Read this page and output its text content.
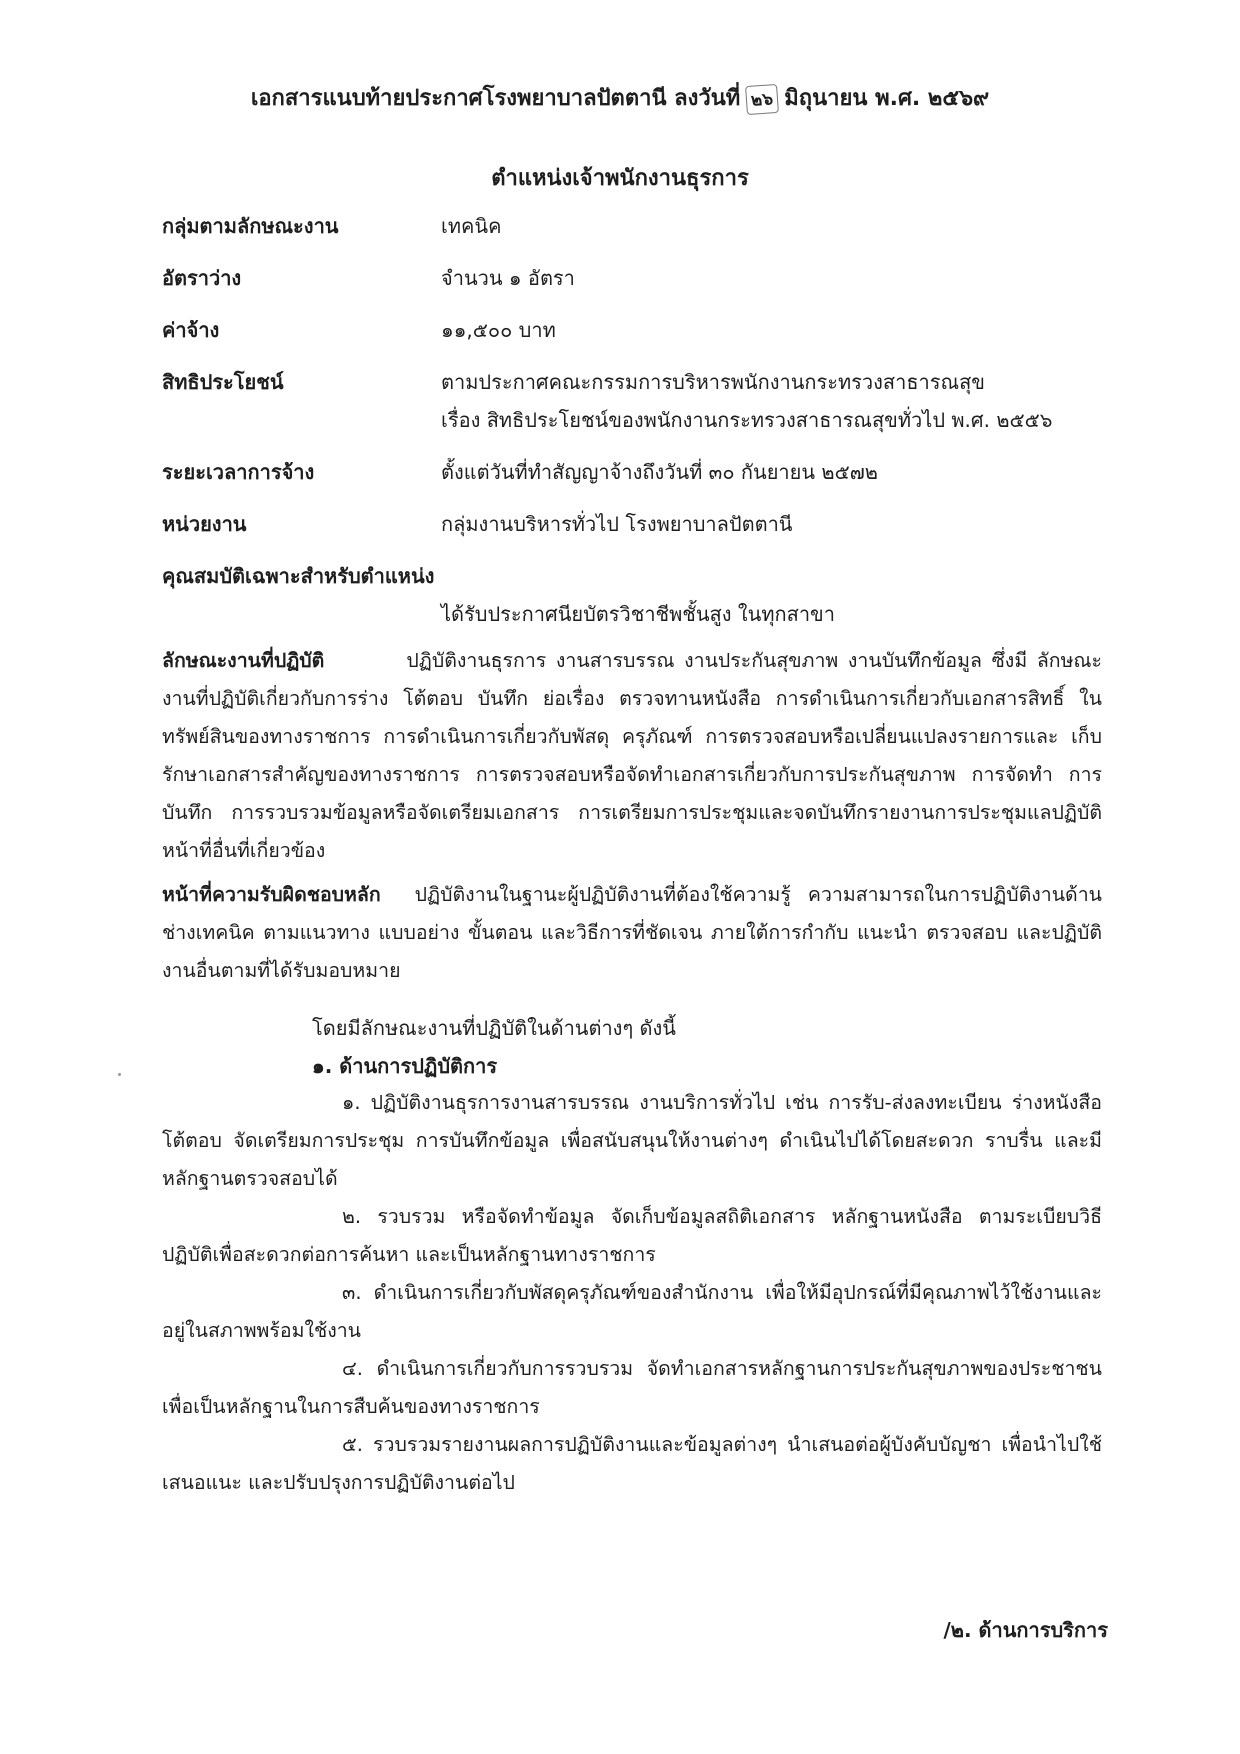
เอกสารแนบท้ายประกาศโรงพยาบาลปัตตานี ลงวันที่ ๒๖ มิถุนายน พ.ศ. ๒๕๖๙
ตำแหน่งเจ้าพนักงานธุรการ
กลุ่มตามลักษณะงาน	เทคนิค
อัตราว่าง	จำนวน ๑ อัตรา
ค่าจ้าง	๑๑,๕๐๐ บาท
สิทธิประโยชน์	ตามประกาศคณะกรรมการบริหารพนักงานกระทรวงสาธารณสุข
เรื่อง สิทธิประโยชน์ของพนักงานกระทรวงสาธารณสุขทั่วไป พ.ศ. ๒๕๕๖
ระยะเวลาการจ้าง	ตั้งแต่วันที่ทำสัญญาจ้างถึงวันที่ ๓๐ กันยายน ๒๕๗๒
หน่วยงาน	กลุ่มงานบริหารทั่วไป โรงพยาบาลปัตตานี
คุณสมบัติเฉพาะสำหรับตำแหน่ง
ได้รับประกาศนียบัตรวิชาชีพชั้นสูง ในทุกสาขา
ลักษณะงานที่ปฏิบัติ	ปฏิบัติงานธุรการ งานสารบรรณ งานประกันสุขภาพ งานบันทึกข้อมูล ซึ่งมี ลักษณะงานที่ปฏิบัติเกี่ยวกับการร่าง โต้ตอบ บันทึก ย่อเรื่อง ตรวจทานหนังสือ การดำเนินการเกี่ยวกับเอกสารสิทธิ์ ในทรัพย์สินของทางราชการ การดำเนินการเกี่ยวกับพัสดุ ครุภัณฑ์ การตรวจสอบหรือเปลี่ยนแปลงรายการและ เก็บรักษาเอกสารสำคัญของทางราชการ การตรวจสอบหรือจัดทำเอกสารเกี่ยวกับการประกันสุขภาพ การจัดทำ การบันทึก การรวบรวมข้อมูลหรือจัดเตรียมเอกสาร การเตรียมการประชุมและจดบันทึกรายงานการประชุมแลปฏิบัติหน้าที่อื่นที่เกี่ยวข้อง
หน้าที่ความรับผิดชอบหลัก ปฏิบัติงานในฐานะผู้ปฏิบัติงานที่ต้องใช้ความรู้ ความสามารถในการปฏิบัติงานด้านช่างเทคนิค ตามแนวทาง แบบอย่าง ขั้นตอน และวิธีการที่ชัดเจน ภายใต้การกำกับ แนะนำ ตรวจสอบ และปฏิบัติงานอื่นตามที่ได้รับมอบหมาย
โดยมีลักษณะงานที่ปฏิบัติในด้านต่างๆ ดังนี้
๑. ด้านการปฏิบัติการ
๑. ปฏิบัติงานธุรการงานสารบรรณ งานบริการทั่วไป เช่น การรับ-ส่งลงทะเบียน ร่างหนังสือโต้ตอบ จัดเตรียมการประชุม การบันทึกข้อมูล เพื่อสนับสนุนให้งานต่างๆ ดำเนินไปได้โดยสะดวก ราบรื่น และมีหลักฐานตรวจสอบได้
๒. รวบรวม หรือจัดทำข้อมูล จัดเก็บข้อมูลสถิติเอกสาร หลักฐานหนังสือ ตามระเบียบวิธีปฏิบัติเพื่อสะดวกต่อการค้นหา และเป็นหลักฐานทางราชการ
๓. ดำเนินการเกี่ยวกับพัสดุครุภัณฑ์ของสำนักงาน เพื่อให้มีอุปกรณ์ที่มีคุณภาพไว้ใช้งานและอยู่ในสภาพพร้อมใช้งาน
๔. ดำเนินการเกี่ยวกับการรวบรวม จัดทำเอกสารหลักฐานการประกันสุขภาพของประชาชน เพื่อเป็นหลักฐานในการสืบค้นของทางราชการ
๕. รวบรวมรายงานผลการปฏิบัติงานและข้อมูลต่างๆ นำเสนอต่อผู้บังคับบัญชา เพื่อนำไปใช้เสนอแนะ และปรับปรุงการปฏิบัติงานต่อไป
/๒. ด้านการบริการ
